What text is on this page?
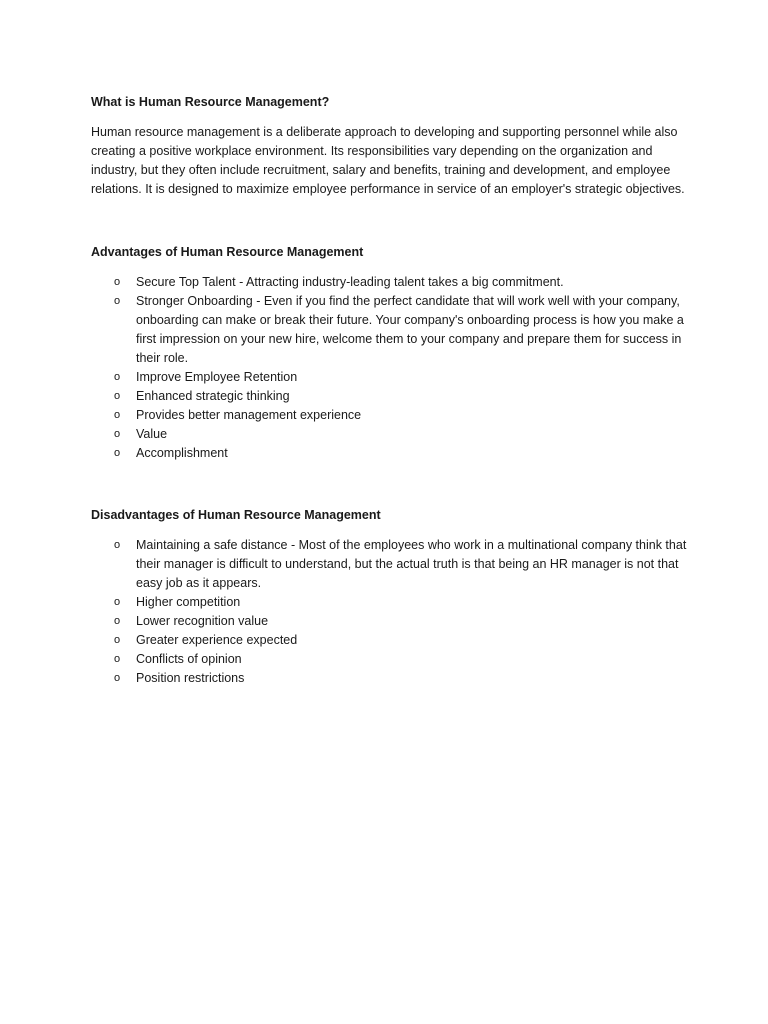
What is Human Resource Management?

Human resource management is a deliberate approach to developing and supporting personnel while also creating a positive workplace environment. Its responsibilities vary depending on the organization and industry, but they often include recruitment, salary and benefits, training and development, and employee relations. It is designed to maximize employee performance in service of an employer's strategic objectives.

Advantages of Human Resource Management
o Secure Top Talent - Attracting industry-leading talent takes a big commitment.
o Stronger Onboarding - Even if you find the perfect candidate that will work well with your company, onboarding can make or break their future. Your company's onboarding process is how you make a first impression on your new hire, welcome them to your company and prepare them for success in their role.
o Improve Employee Retention
o Enhanced strategic thinking
o Provides better management experience
o Value
o Accomplishment
Disadvantages of Human Resource Management
o Maintaining a safe distance - Most of the employees who work in a multinational company think that their manager is difficult to understand, but the actual truth is that being an HR manager is not that easy job as it appears.
o Higher competition
o Lower recognition value
o Greater experience expected
o Conflicts of opinion
o Position restrictions
